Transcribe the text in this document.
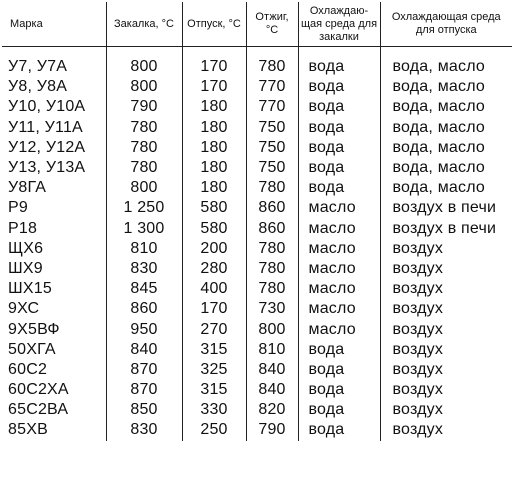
Марка	Закалка, °С	Отпуск, °С	Отжиг, °С	Охлаждаю-щая среда для закалки	Охлаждающая среда для отпуска
У7, У7А	800	170	780	вода	вода, масло
У8, У8А	800	170	770	вода	вода, масло
У10, У10А	790	180	770	вода	вода, масло
У11, У11А	780	180	750	вода	вода, масло
У12, У12А	780	180	750	вода	вода, масло
У13, У13А	780	180	750	вода	вода, масло
У8ГА	800	180	780	вода	вода, масло
Р9	1 250	580	860	масло	воздух в печи
Р18	1 300	580	860	масло	воздух в печи
ЩХ6	810	200	780	масло	воздух
ШХ9	830	280	780	масло	воздух
ШХ15	845	400	780	масло	воздух
9ХС	860	170	730	масло	воздух
9Х5ВФ	950	270	800	масло	воздух
50ХГА	840	315	810	вода	воздух
60С2	870	325	840	вода	воздух
60С2ХА	870	315	840	вода	воздух
65С2ВА	850	330	820	вода	воздух
85ХВ	830	250	790	вода	воздух
